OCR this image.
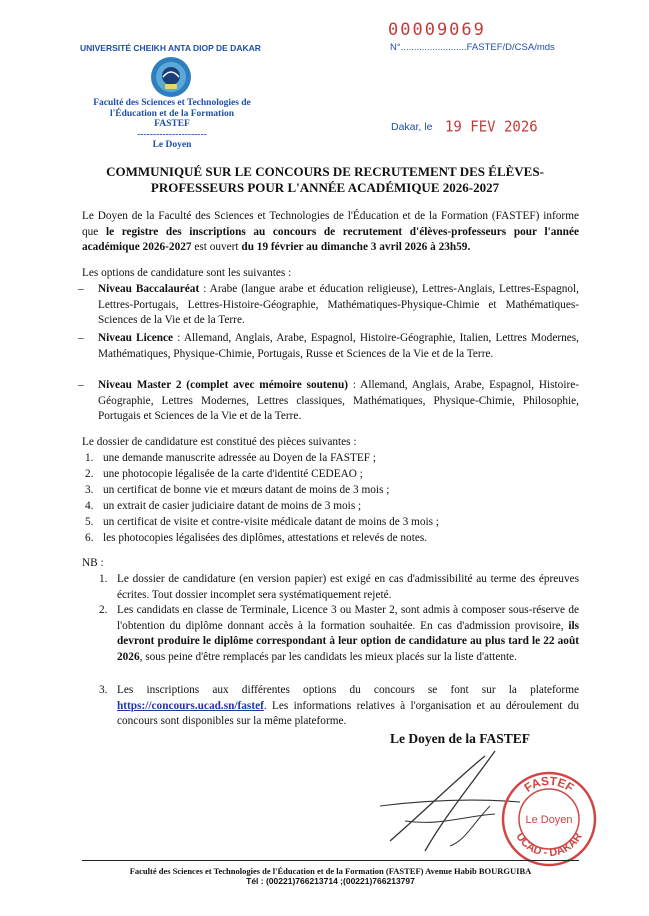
UNIVERSITÉ CHEIKH ANTA DIOP DE DAKAR
Faculté des Sciences et Technologies de
l'Éducation et de la Formation
FASTEF
----------------------
Le Doyen
00009069
N°.........................FASTEF/D/CSA/mds
Dakar, le 19 FEV 2026
COMMUNIQUÉ SUR LE CONCOURS DE RECRUTEMENT DES ÉLÈVES-
PROFESSEURS POUR L'ANNÉE ACADÉMIQUE 2026-2027
Le Doyen de la Faculté des Sciences et Technologies de l'Éducation et de la Formation (FASTEF) informe que le registre des inscriptions au concours de recrutement d'élèves-professeurs pour l'année académique 2026-2027 est ouvert du 19 février au dimanche 3 avril 2026 à 23h59.
Les options de candidature sont les suivantes :
– Niveau Baccalauréat : Arabe (langue arabe et éducation religieuse), Lettres-Anglais, Lettres-Espagnol, Lettres-Portugais, Lettres-Histoire-Géographie, Mathématiques-Physique-Chimie et Mathématiques-Sciences de la Vie et de la Terre.
– Niveau Licence : Allemand, Anglais, Arabe, Espagnol, Histoire-Géographie, Italien, Lettres Modernes, Mathématiques, Physique-Chimie, Portugais, Russe et Sciences de la Vie et de la Terre.
– Niveau Master 2 (complet avec mémoire soutenu) : Allemand, Anglais, Arabe, Espagnol, Histoire-Géographie, Lettres Modernes, Lettres classiques, Mathématiques, Physique-Chimie, Philosophie, Portugais et Sciences de la Vie et de la Terre.
Le dossier de candidature est constitué des pièces suivantes :
1. une demande manuscrite adressée au Doyen de la FASTEF ;
2. une photocopie légalisée de la carte d'identité CEDEAO ;
3. un certificat de bonne vie et mœurs datant de moins de 3 mois ;
4. un extrait de casier judiciaire datant de moins de 3 mois ;
5. un certificat de visite et contre-visite médicale datant de moins de 3 mois ;
6. les photocopies légalisées des diplômes, attestations et relevés de notes.
NB :
1. Le dossier de candidature (en version papier) est exigé en cas d'admissibilité au terme des épreuves écrites. Tout dossier incomplet sera systématiquement rejeté.
2. Les candidats en classe de Terminale, Licence 3 ou Master 2, sont admis à composer sous-réserve de l'obtention du diplôme donnant accès à la formation souhaitée. En cas d'admission provisoire, ils devront produire le diplôme correspondant à leur option de candidature au plus tard le 22 août 2026, sous peine d'être remplacés par les candidats les mieux placés sur la liste d'attente.
3. Les inscriptions aux différentes options du concours se font sur la plateforme https://concours.ucad.sn/fastef. Les informations relatives à l'organisation et au déroulement du concours sont disponibles sur la même plateforme.
Le Doyen de la FASTEF
FASTEF
UCAD - DAKAR
Le Doyen
Faculté des Sciences et Technologies de l'Éducation et de la Formation (FASTEF) Avenue Habib BOURGUIBA
Tél : (00221)766213714 ;(00221)766213797
